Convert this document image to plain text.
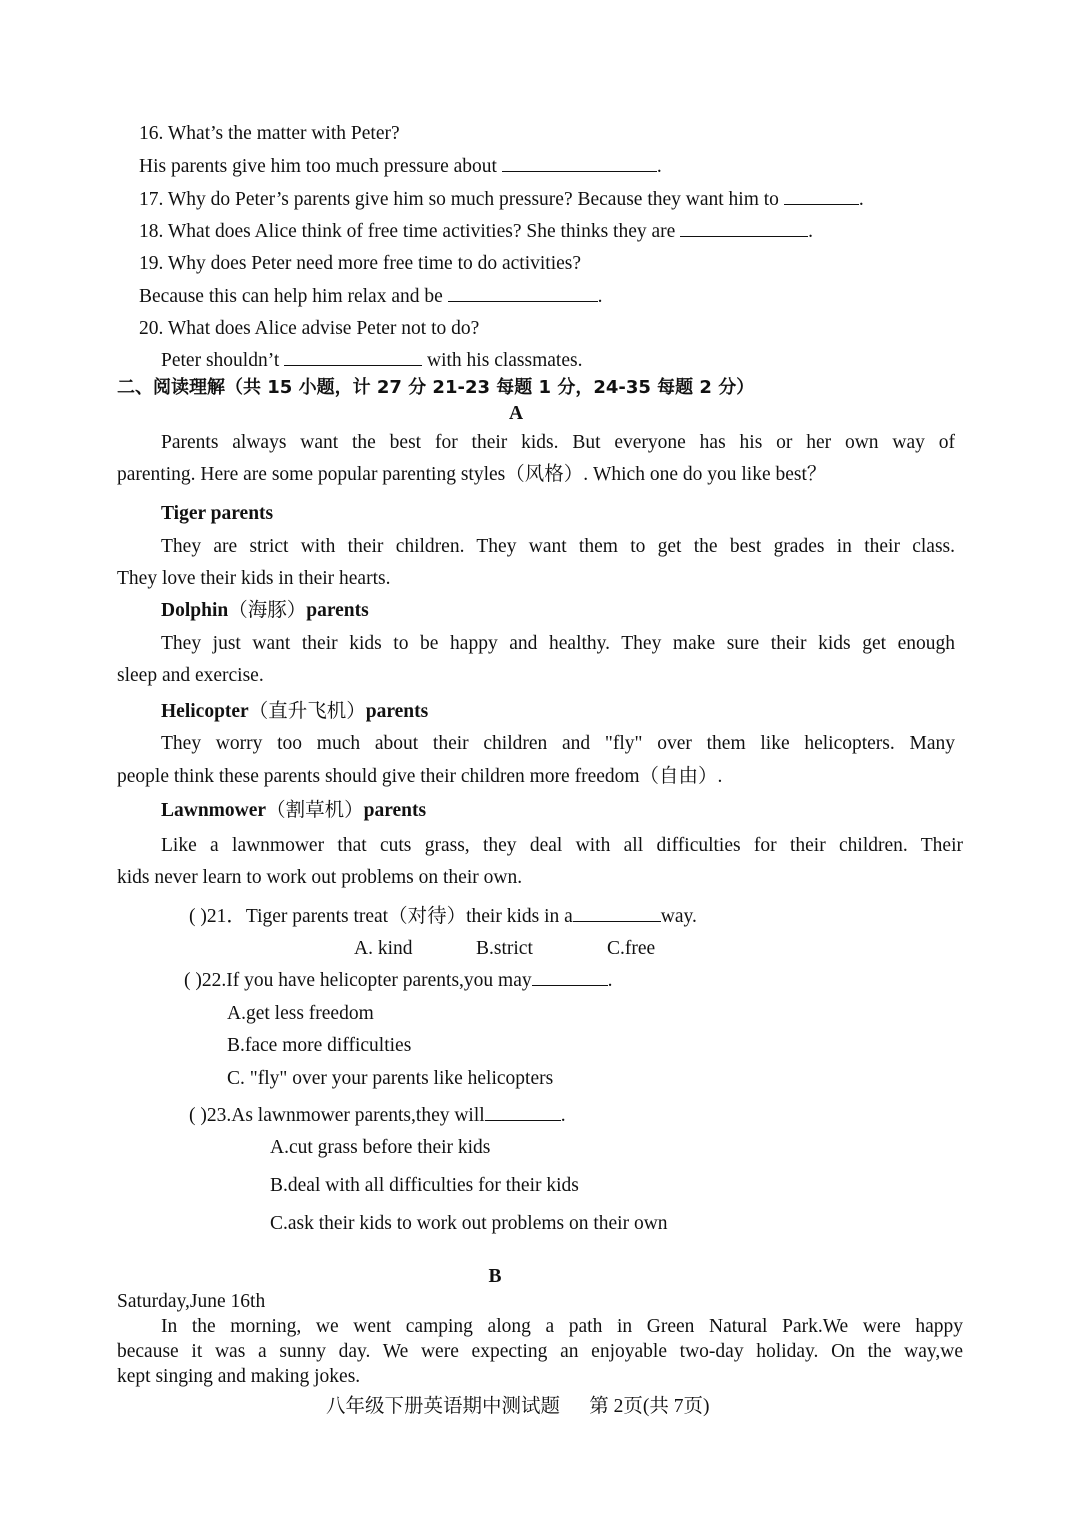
16. What’s the matter with Peter?
His parents give him too much pressure about	.
17. Why do Peter’s parents give him so much pressure? Because they want him to	.
18. What does Alice think of free time activities? She thinks they are	.
19. Why does Peter need more free time to do activities?
Because this can help him relax and be	.
20. What does Alice advise Peter not to do?
Peter shouldn’t	with his classmates.
二、阅读理解（共 15 小题，计 27 分 21-23 每题 1 分，24-35 每题 2 分）
A
Parents always want the best for their kids. But everyone has his or her own way of
parenting. Here are some popular parenting styles（风格）. Which one do you like best？
Tiger parents
They are strict with their children. They want them to get the best grades in their class.
They love their kids in their hearts.
Dolphin（海豚）parents
They just want their kids to be happy and healthy. They make sure their kids get enough
sleep and exercise.
Helicopter（直升飞机）parents
They worry too much about their children and "fly" over them like helicopters. Many
people think these parents should give their children more freedom（自由）.
Lawnmower（割草机）parents
Like a lawnmower that cuts grass, they deal with all difficulties for their children. Their
kids never learn to work out problems on their own.
( )21．Tiger parents treat（对待）their kids in a	way.
A. kind	B.strict	C.free
( )22.If you have helicopter parents,you may	.
A.get less freedom
B.face more difficulties
C. "fly" over your parents like helicopters
( )23.As lawnmower parents,they will	.
A.cut grass before their kids
B.deal with all difficulties for their kids
C.ask their kids to work out problems on their own
B
Saturday,June 16th
In the morning, we went camping along a path in Green Natural Park.We were happy
because it was a sunny day. We were expecting an enjoyable two-day holiday. On the way,we
kept singing and making jokes.
八年级下册英语期中测试题      第 2页(共 7页)
